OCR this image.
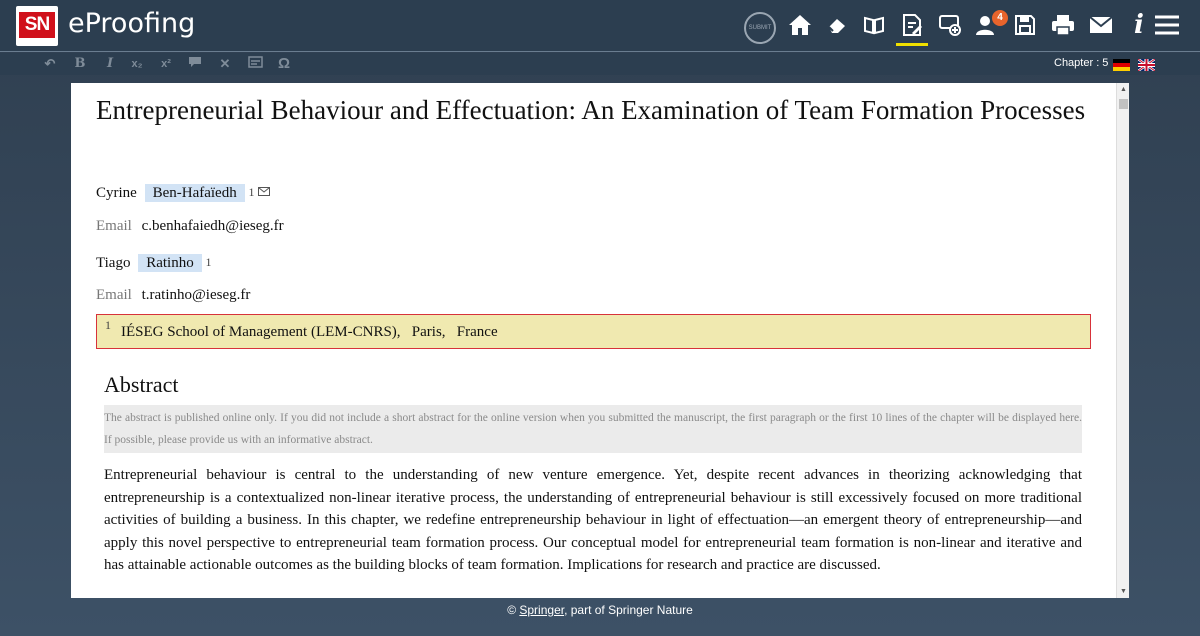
SN eProofing	SUBMIT
4	i
↶ B	I	x₂	x²	✕	Ω	Chapter : 5
Entrepreneurial Behaviour and Effectuation: An Examination of Team Formation Processes
Cyrine Ben-Hafaïedh $^1$
Email c.benhafaiedh@ieseg.fr
Tiago Ratinho $^1$
Email t.ratinho@ieseg.fr
1 IÉSEG School of Management (LEM-CNRS), Paris, France
Abstract
The abstract is published online only. If you did not include a short abstract for the online version when you submitted the manuscript, the first paragraph or the first 10 lines of the chapter will be displayed here. If possible, please provide us with an informative abstract.
Entrepreneurial behaviour is central to the understanding of new venture emergence. Yet, despite recent advances in theorizing acknowledging that entrepreneurship is a contextualized non-linear iterative process, the understanding of entrepreneurial behaviour is still excessively focused on more traditional activities of building a business. In this chapter, we redefine entrepreneurship behaviour in light of effectuation—an emergent theory of entrepreneurship—and apply this novel perspective to entrepreneurial team formation process. Our conceptual model for entrepreneurial team formation is non-linear and iterative and has attainable actionable outcomes as the building blocks of team formation. Implications for research and practice are discussed.
▲
▼
© Springer, part of Springer Nature
